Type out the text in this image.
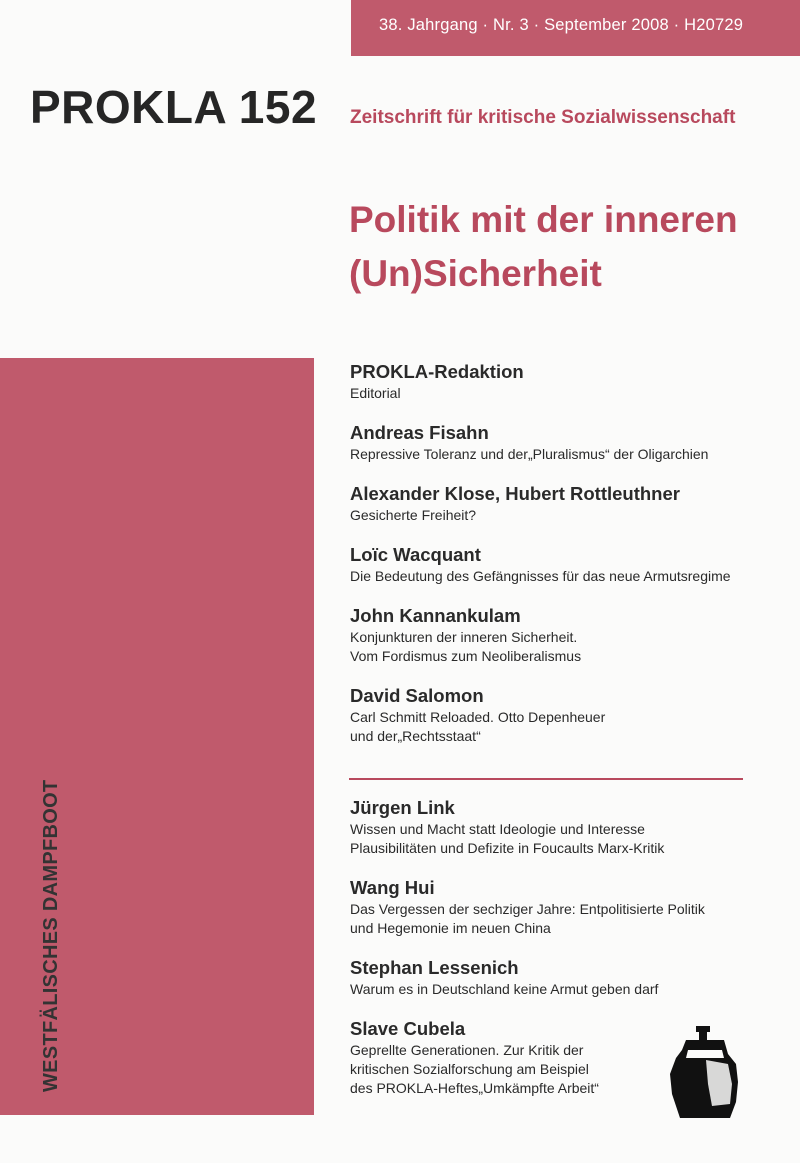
38. Jahrgang · Nr. 3 · September 2008 · H20729
PROKLA 152 Zeitschrift für kritische Sozialwissenschaft
Politik mit der inneren
(Un)Sicherheit
WESTFÄLISCHES DAMPFBOOT
PROKLA-Redaktion
Editorial
Andreas Fisahn
Repressive Toleranz und der„Pluralismus“ der Oligarchien
Alexander Klose, Hubert Rottleuthner
Gesicherte Freiheit?
Loïc Wacquant
Die Bedeutung des Gefängnisses für das neue Armutsregime
John Kannankulam
Konjunkturen der inneren Sicherheit.
Vom Fordismus zum Neoliberalismus
David Salomon
Carl Schmitt Reloaded. Otto Depenheuer
und der„Rechtsstaat“
Jürgen Link
Wissen und Macht statt Ideologie und Interesse
Plausibilitäten und Defizite in Foucaults Marx-Kritik
Wang Hui
Das Vergessen der sechziger Jahre: Entpolitisierte Politik
und Hegemonie im neuen China
Stephan Lessenich
Warum es in Deutschland keine Armut geben darf
Slave Cubela
Geprellte Generationen. Zur Kritik der
kritischen Sozialforschung am Beispiel
des PROKLA-Heftes„Umkämpfte Arbeit“
